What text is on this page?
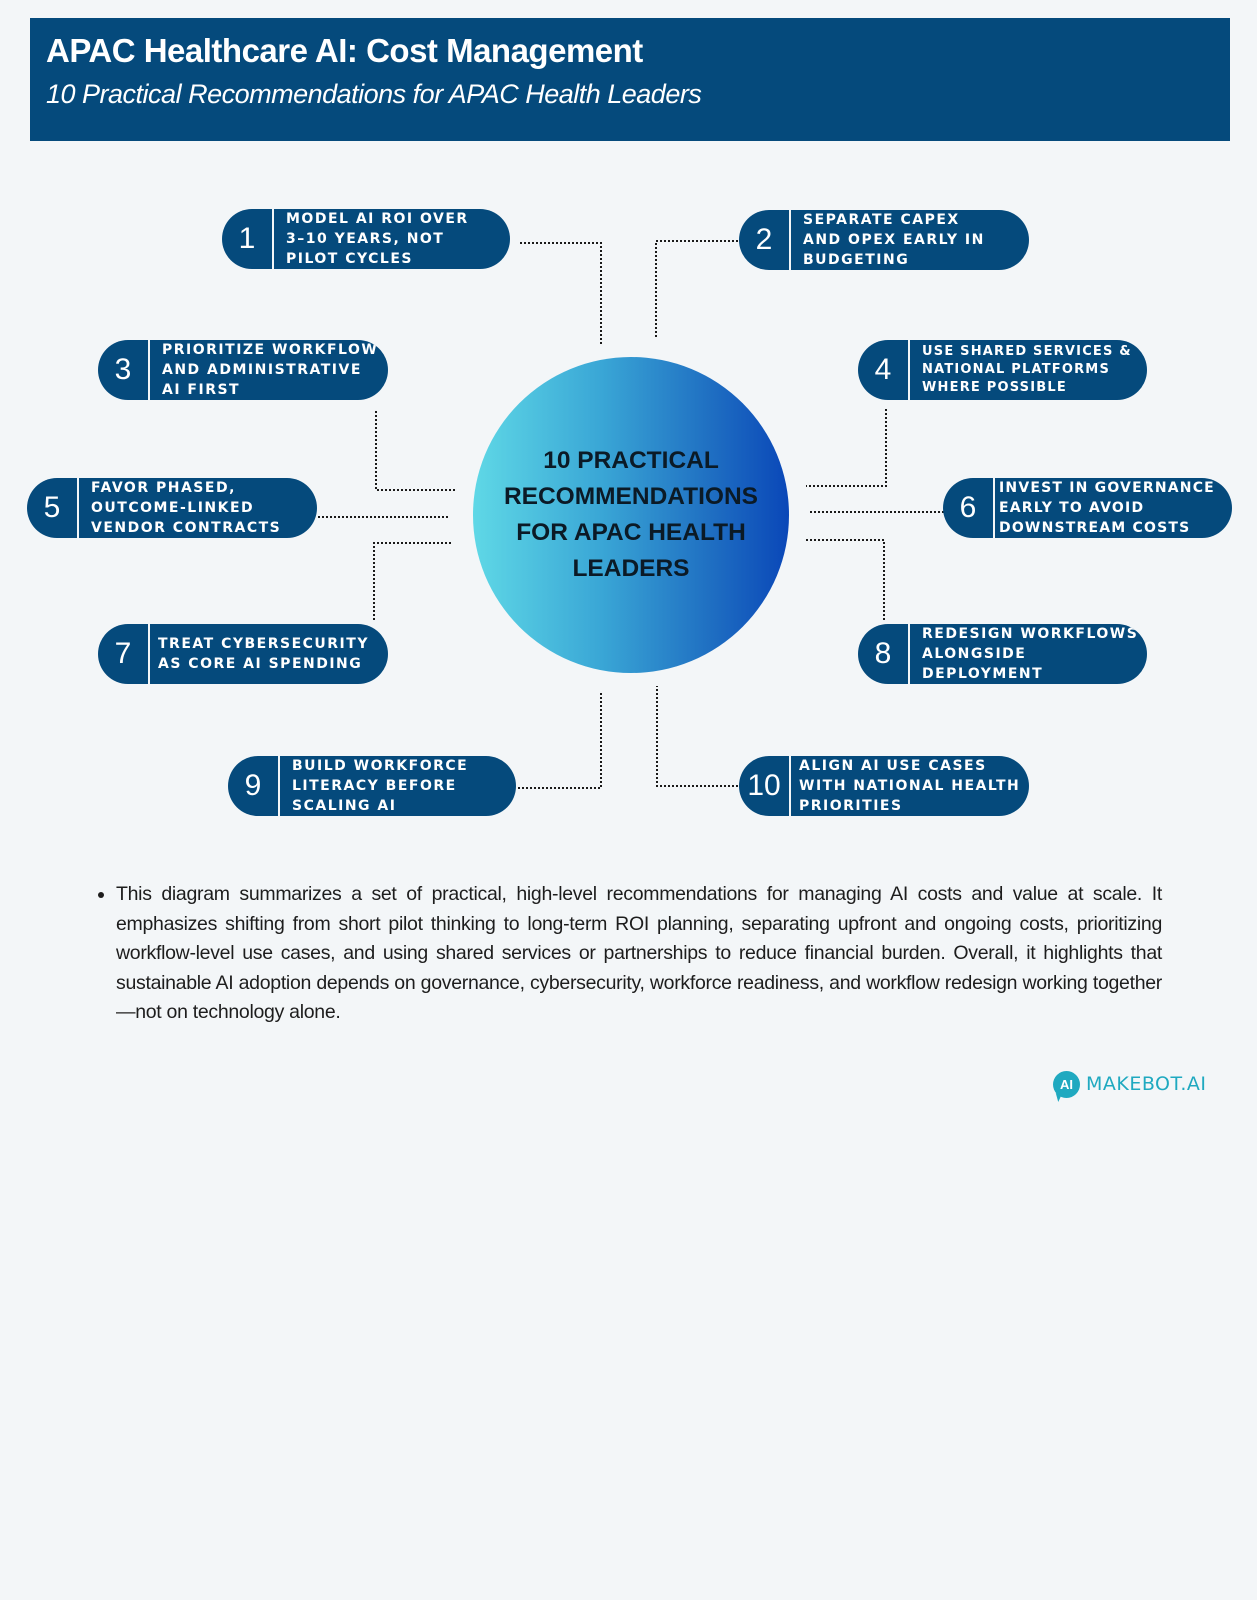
APAC Healthcare AI: Cost Management
10 Practical Recommendations for APAC Health Leaders
10 PRACTICAL RECOMMENDATIONS FOR APAC HEALTH LEADERS
1
MODEL AI ROI OVER
3–10 YEARS, NOT
PILOT CYCLES
2
SEPARATE CAPEX
AND OPEX EARLY IN
BUDGETING
3
PRIORITIZE WORKFLOW
AND ADMINISTRATIVE
AI FIRST
4
USE SHARED SERVICES &
NATIONAL PLATFORMS
WHERE POSSIBLE
5
FAVOR PHASED,
OUTCOME-LINKED
VENDOR CONTRACTS
6
INVEST IN GOVERNANCE
EARLY TO AVOID
DOWNSTREAM COSTS
7	TREAT CYBERSECURITY
AS CORE AI SPENDING	8
REDESIGN WORKFLOWS
ALONGSIDE
DEPLOYMENT
9
BUILD WORKFORCE
LITERACY BEFORE
SCALING AI
10
ALIGN AI USE CASES
WITH NATIONAL HEALTH
PRIORITIES
• This diagram summarizes a set of practical, high-level recommendations for managing AI costs and value at scale. It emphasizes shifting from short pilot thinking to long-term ROI planning, separating upfront and ongoing costs, prioritizing workflow-level use cases, and using shared services or partnerships to reduce financial burden. Overall, it highlights that sustainable AI adoption depends on governance, cybersecurity, workforce readiness, and workflow redesign working together—not on technology alone.
AI MAKEBOT.AI
